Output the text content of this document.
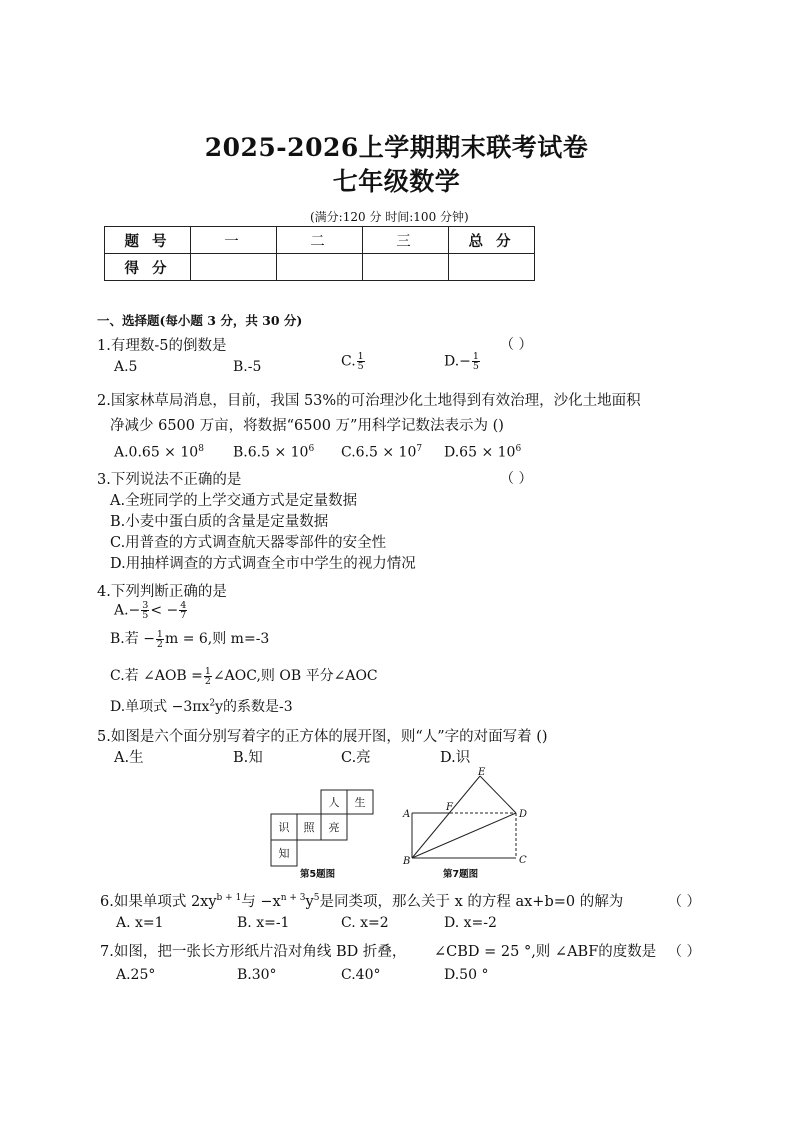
2025-2026上学期期末联考试卷
七年级数学
(满分:120 分 时间:100 分钟)
题 号	一	二	三	总 分
得 分				
一、选择题(每小题 3 分，共 30 分)
1.有理数-5的倒数是	（ ）
A.5	B.-5	C. $\frac{1}{5}$	$D.- \frac{1}{5}$
2.国家林草局消息，目前，我国 53%的可治理沙化土地得到有效治理，沙化土地面积
净减少 6500 万亩，将数据“6500 万”用科学记数法表示为 ()
$A.0.65 \times 10^8$ $B.6.5 \times 10^6$ $C.6.5 \times 10^7$ $D.65 \times 10^6$
3.下列说法不正确的是	（ ）
A.全班同学的上学交通方式是定量数据
B.小麦中蛋白质的含量是定量数据
C.用普查的方式调查航天器零部件的安全性
D.用抽样调查的方式调查全市中学生的视力情况
4.下列判断正确的是
$A.- \frac{3}{5}$ < − $\frac{4}{7}$
B.若 − $\frac{1}{2}$ m = 6,则 m=-3
C.若 ∠AOB = $\frac{1}{2}$ ∠AOC,则 OB 平分∠AOC
D.单项式 $-3\pi x^2y$的系数是-3
5.如图是六个面分别写着字的正方体的展开图，则“人”字的对面写着 ()
A.生	B.知	C.亮	D.识
人 生
识 照 亮
知
第5题图
E
A
F
D
B	C
第7题图
6.如果单项式 $2xy^{b + 1}$与 $-x^{n + 3}y^5$是同类项，那么关于 x 的方程 ax+b=0 的解为	（ ）
A. x=1	B. x=-1	C. x=2	D. x=-2
7.如图，把一张长方形纸片沿对角线 BD 折叠， ∠CBD = 25 °,则 ∠ABF的度数是 （ ）
A.25°	B.30°	C.40°	D.50 °
